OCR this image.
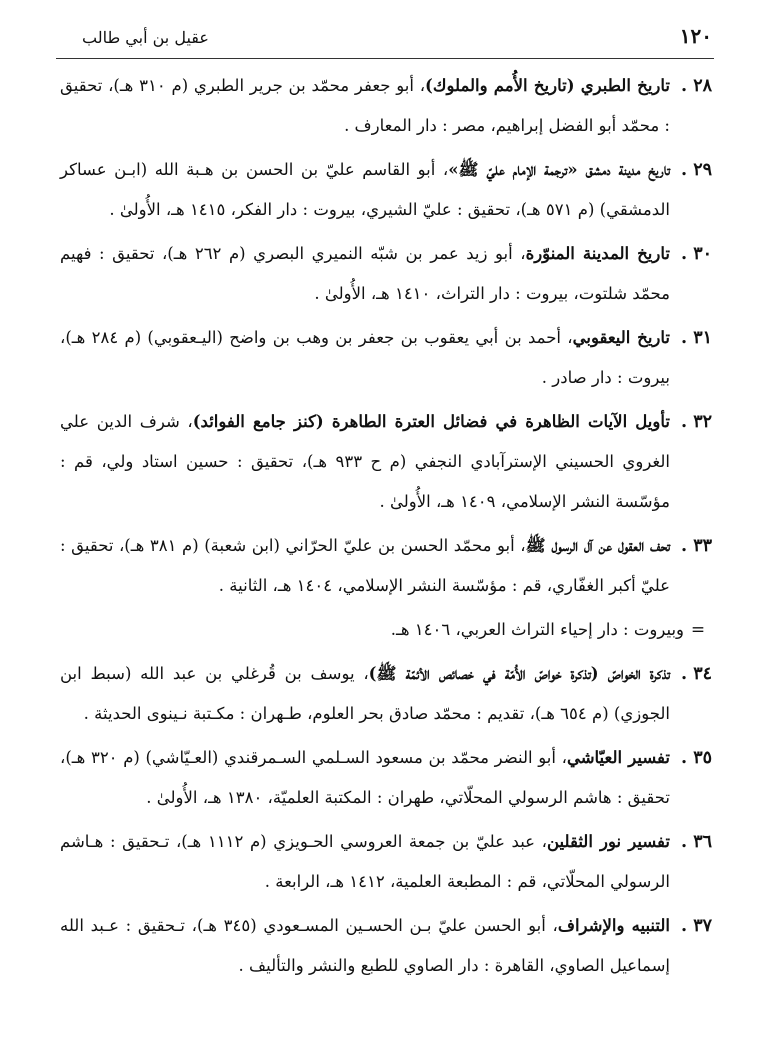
١٢٠
عقيل بن أبي طالب
٢٨ .
تاريخ الطبري (تاريخ الأُمم والملوك)، أبو جعفر محمّد بن جرير الطبري (م ٣١٠ هـ)، تحقيق : محمّد أبو الفضل إبراهيم، مصر : دار المعارف .
٢٩ .
تاريخ مدينة دمشق «ترجمة الإمام عليّ ﷺ»، أبو القاسم عليّ بن الحسن بن هـبة الله (ابـن عساكر الدمشقي) (م ٥٧١ هـ)، تحقيق : عليّ الشيري، بيروت : دار الفكر، ١٤١٥ هـ، الأُولىٰ .
٣٠ .
تاريخ المدينة المنوّرة، أبو زيد عمر بن شبّه النميري البصري (م ٢٦٢ هـ)، تحقيق : فهيم محمّد شلتوت، بيروت : دار التراث، ١٤١٠ هـ، الأُولىٰ .
٣١ .
تاريخ اليعقوبي، أحمد بن أبي يعقوب بن جعفر بن وهب بن واضح (اليـعقوبي) (م ٢٨٤ هـ)، بيروت : دار صادر .
٣٢ .
تأويل الآيات الظاهرة في فضائل العترة الطاهرة (كنز جامع الفوائد)، شرف الدين علي الغروي الحسيني الإسترآبادي النجفي (م ح ٩٣٣ هـ)، تحقيق : حسين استاد ولي، قم : مؤسّسة النشر الإسلامي، ١٤٠٩ هـ، الأُولىٰ .
٣٣ .
تحف العقول عن آل الرسول ﷺ، أبو محمّد الحسن بن عليّ الحرّاني (ابن شعبة) (م ٣٨١ هـ)، تحقيق : عليّ أكبر الغفّاري، قم : مؤسّسة النشر الإسلامي، ١٤٠٤ هـ، الثانية .
=
وبيروت : دار إحياء التراث العربي، ١٤٠٦ هـ.
٣٤ .
تذكرة الخواصّ (تذكرة خواصّ الأُمّة في خصائص الأئمّة ﷺ)، يوسف بن قُرغلي بن عبد الله (سبط ابن الجوزي) (م ٦٥٤ هـ)، تقديم : محمّد صادق بحر العلوم، طـهران : مكـتبة نـينوى الحديثة .
٣٥ .
تفسير العيّاشي، أبو النضر محمّد بن مسعود السـلمي السـمرقندي (العـيّاشي) (م ٣٢٠ هـ)، تحقيق : هاشم الرسولي المحلّاتي، طهران : المكتبة العلميّة، ١٣٨٠ هـ، الأُولىٰ .
٣٦ .
تفسير نور الثقلين، عبد عليّ بن جمعة العروسي الحـويزي (م ١١١٢ هـ)، تـحقيق : هـاشم الرسولي المحلّاتي، قم : المطبعة العلمية، ١٤١٢ هـ، الرابعة .
٣٧ .
التنبيه والإشراف، أبو الحسن عليّ بـن الحسـين المسـعودي (٣٤٥ هـ)، تـحقيق : عـبد الله إسماعيل الصاوي، القاهرة : دار الصاوي للطبع والنشر والتأليف .
